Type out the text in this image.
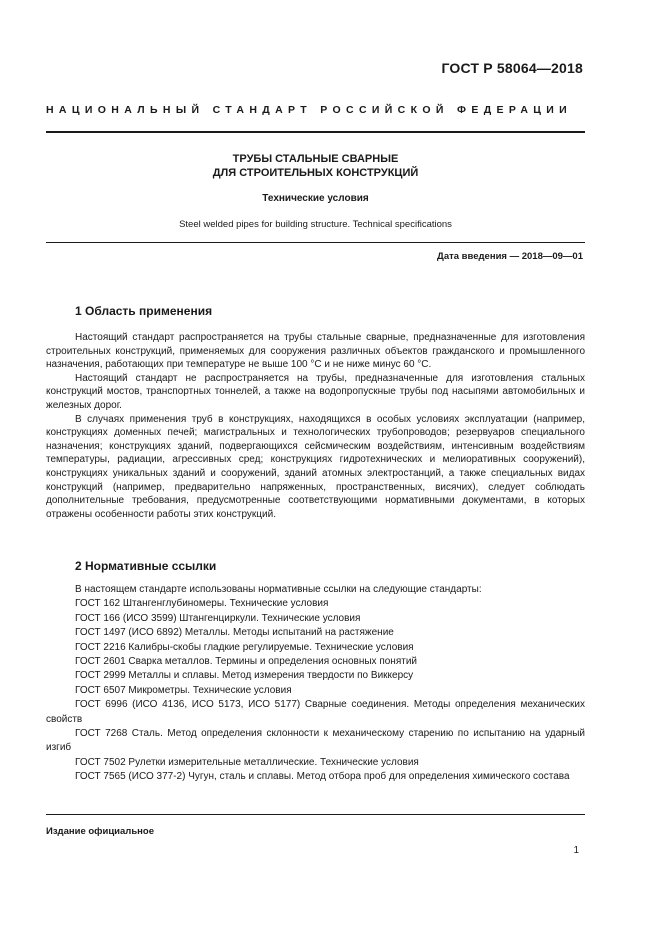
ГОСТ Р 58064—2018
НАЦИОНАЛЬНЫЙ СТАНДАРТ РОССИЙСКОЙ ФЕДЕРАЦИИ
ТРУБЫ СТАЛЬНЫЕ СВАРНЫЕ
ДЛЯ СТРОИТЕЛЬНЫХ КОНСТРУКЦИЙ
Технические условия
Steel welded pipes for building structure. Technical specifications
Дата введения — 2018—09—01
1 Область применения

Настоящий стандарт распространяется на трубы стальные сварные, предназначенные для изготовления строительных конструкций, применяемых для сооружения различных объектов гражданского и промышленного назначения, работающих при температуре не выше 100 °С и не ниже минус 60 °С.

Настоящий стандарт не распространяется на трубы, предназначенные для изготовления стальных конструкций мостов, транспортных тоннелей, а также на водопропускные трубы под насыпями автомобильных и железных дорог.

В случаях применения труб в конструкциях, находящихся в особых условиях эксплуатации (например, конструкциях доменных печей; магистральных и технологических трубопроводов; резервуаров специального назначения; конструкциях зданий, подвергающихся сейсмическим воздействиям, интенсивным воздействиям температуры, радиации, агрессивных сред; конструкциях гидротехнических и мелиоративных сооружений), конструкциях уникальных зданий и сооружений, зданий атомных электростанций, а также специальных видах конструкций (например, предварительно напряженных, пространственных, висячих), следует соблюдать дополнительные требования, предусмотренные соответствующими нормативными документами, в которых отражены особенности работы этих конструкций.

2 Нормативные ссылки

В настоящем стандарте использованы нормативные ссылки на следующие стандарты:

ГОСТ 162 Штангенглубиномеры. Технические условия

ГОСТ 166 (ИСО 3599) Штангенциркули. Технические условия

ГОСТ 1497 (ИСО 6892) Металлы. Методы испытаний на растяжение

ГОСТ 2216 Калибры-скобы гладкие регулируемые. Технические условия

ГОСТ 2601 Сварка металлов. Термины и определения основных понятий

ГОСТ 2999 Металлы и сплавы. Метод измерения твердости по Виккерсу

ГОСТ 6507 Микрометры. Технические условия

ГОСТ 6996 (ИСО 4136, ИСО 5173, ИСО 5177) Сварные соединения. Методы определения механических свойств

ГОСТ 7268 Сталь. Метод определения склонности к механическому старению по испытанию на ударный изгиб

ГОСТ 7502 Рулетки измерительные металлические. Технические условия

ГОСТ 7565 (ИСО 377-2) Чугун, сталь и сплавы. Метод отбора проб для определения химического состава

Издание официальное
1
